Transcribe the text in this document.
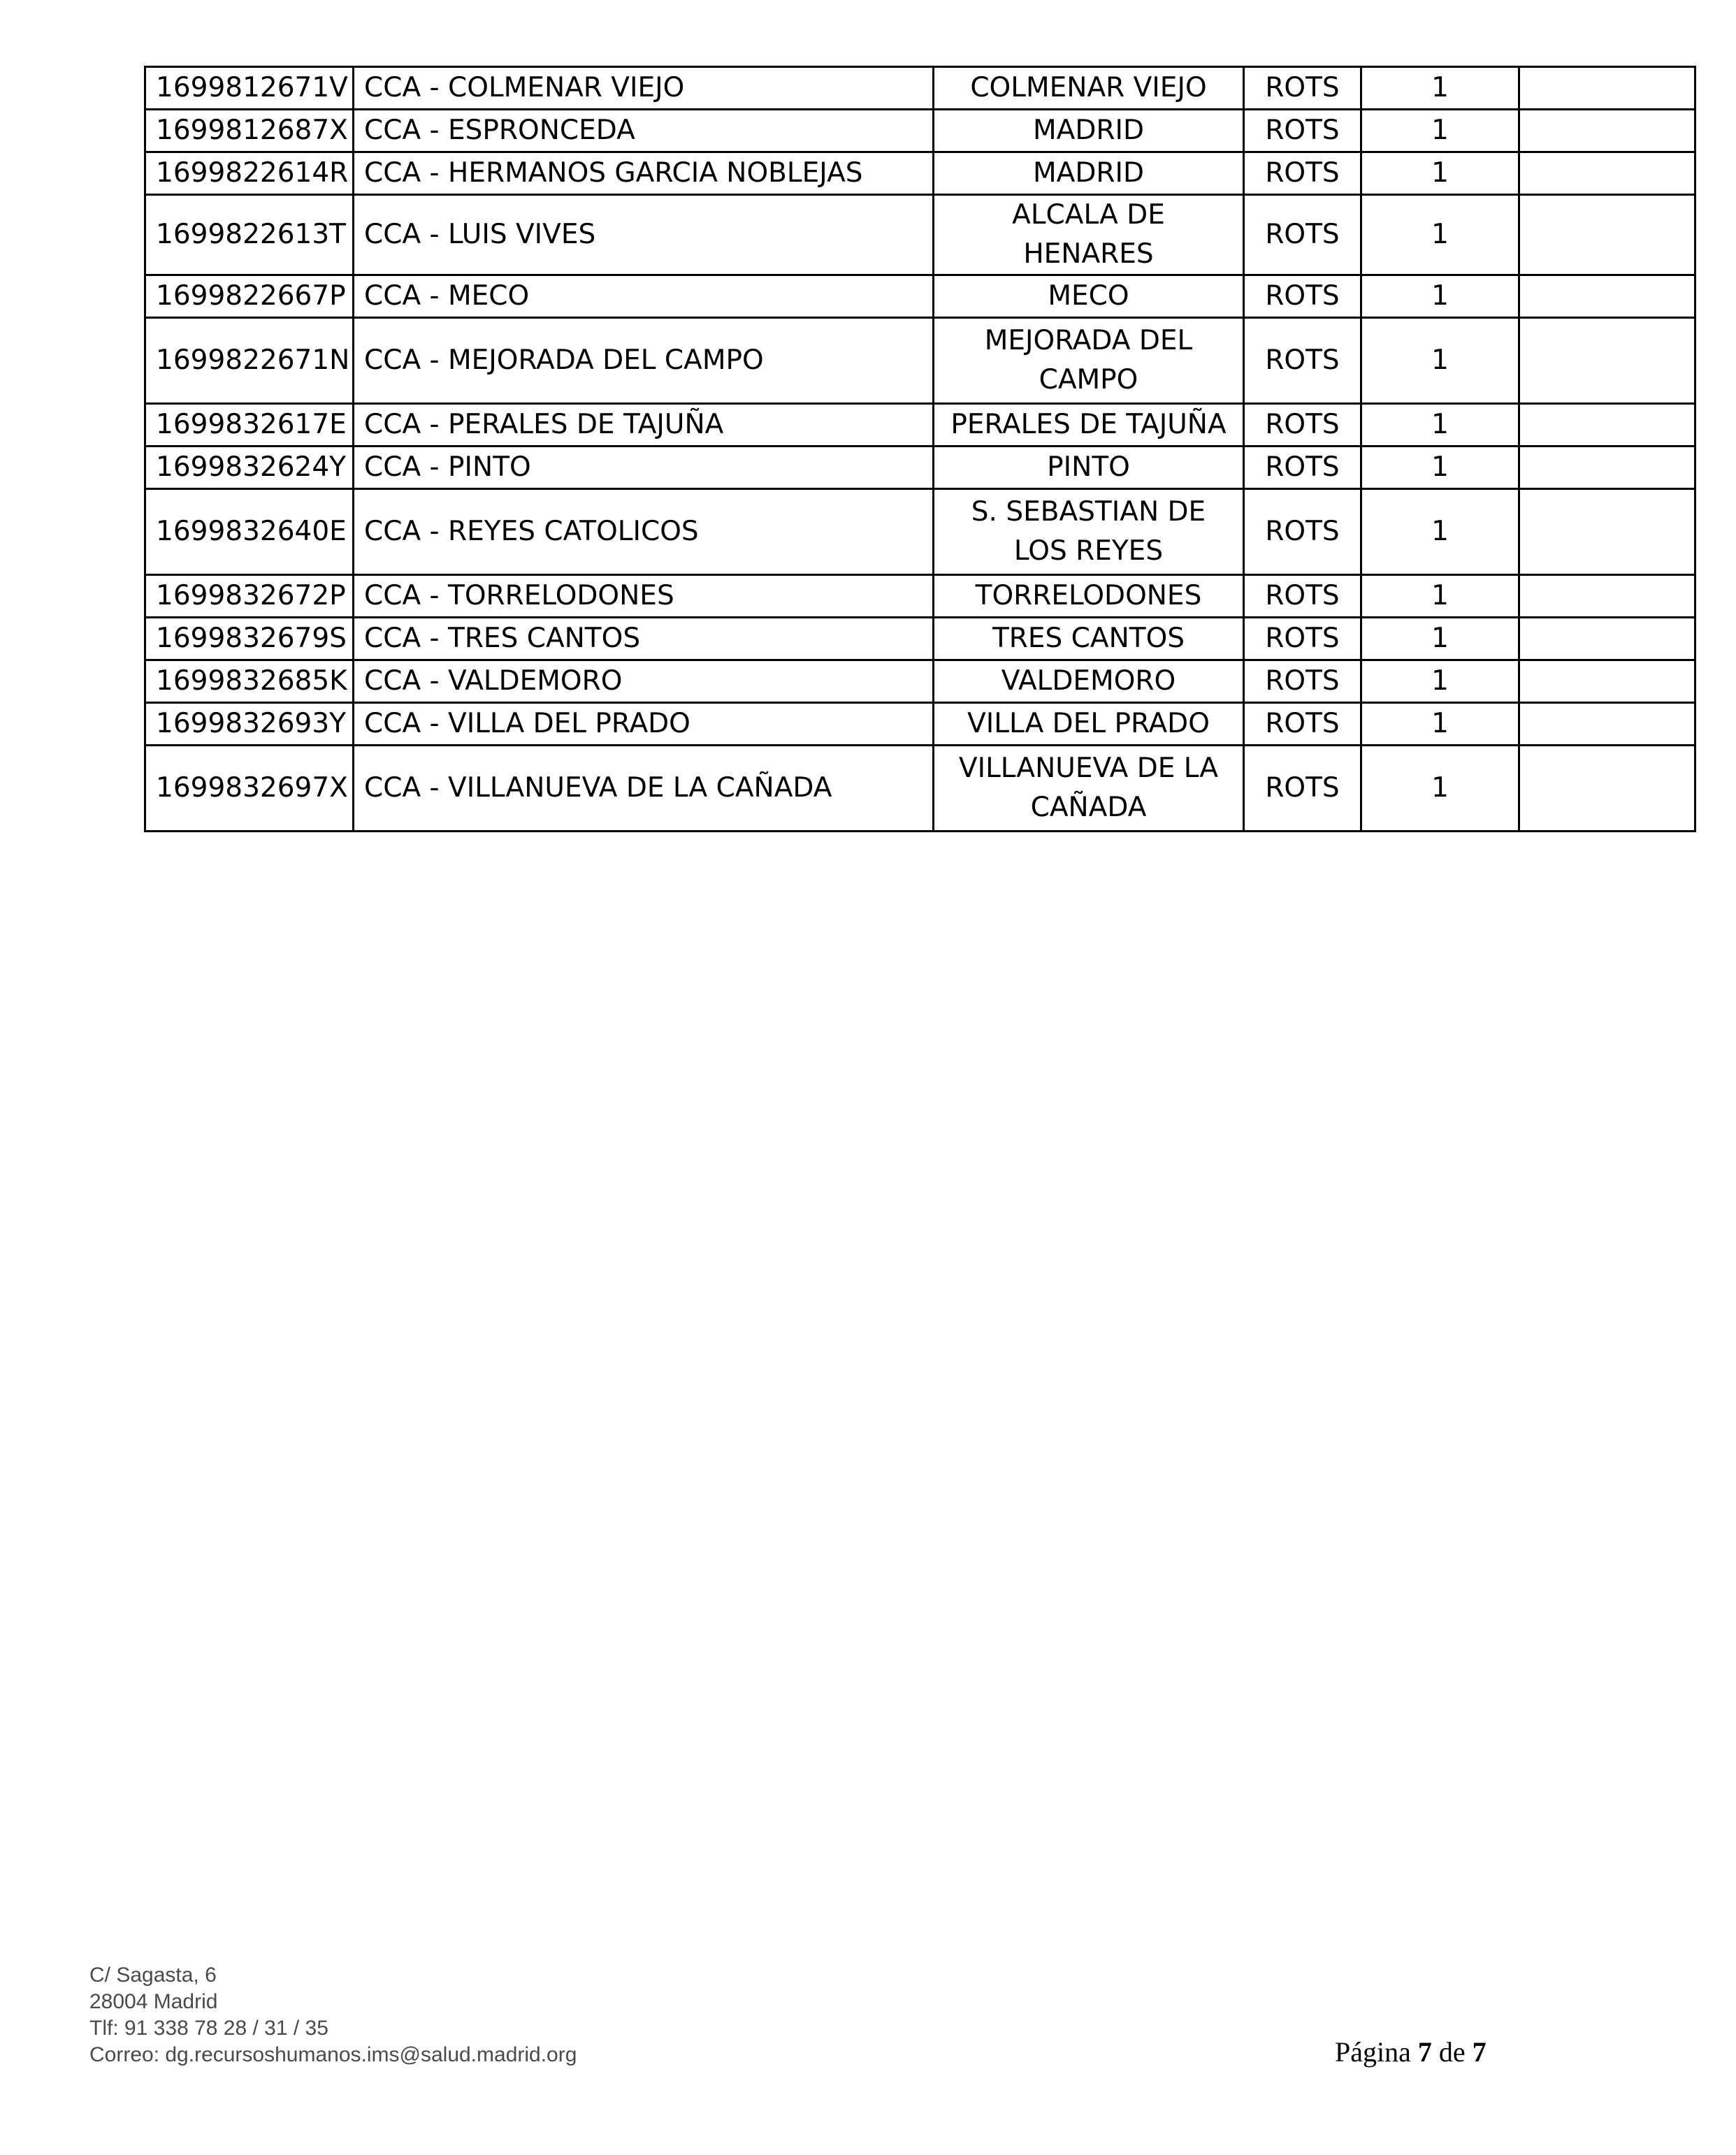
1699812671V	CCA - COLMENAR VIEJO	COLMENAR VIEJO	ROTS	1	
1699812687X	CCA - ESPRONCEDA	MADRID	ROTS	1	
1699822614R	CCA - HERMANOS GARCIA NOBLEJAS	MADRID	ROTS	1	
1699822613T	CCA - LUIS VIVES	ALCALA DE HENARES	ROTS	1	
1699822667P	CCA - MECO	MECO	ROTS	1	
1699822671N	CCA - MEJORADA DEL CAMPO	MEJORADA DEL CAMPO	ROTS	1	
1699832617E	CCA - PERALES DE TAJUÑA	PERALES DE TAJUÑA	ROTS	1	
1699832624Y	CCA - PINTO	PINTO	ROTS	1	
1699832640E	CCA - REYES CATOLICOS	S. SEBASTIAN DE LOS REYES	ROTS	1	
1699832672P	CCA - TORRELODONES	TORRELODONES	ROTS	1	
1699832679S	CCA - TRES CANTOS	TRES CANTOS	ROTS	1	
1699832685K	CCA - VALDEMORO	VALDEMORO	ROTS	1	
1699832693Y	CCA - VILLA DEL PRADO	VILLA DEL PRADO	ROTS	1	
1699832697X	CCA - VILLANUEVA DE LA CAÑADA	VILLANUEVA DE LA CAÑADA	ROTS	1	
C/ Sagasta, 6
28004 Madrid
Tlf: 91 338 78 28 / 31 / 35
Correo: dg.recursoshumanos.ims@salud.madrid.org	Página 7 de 7
